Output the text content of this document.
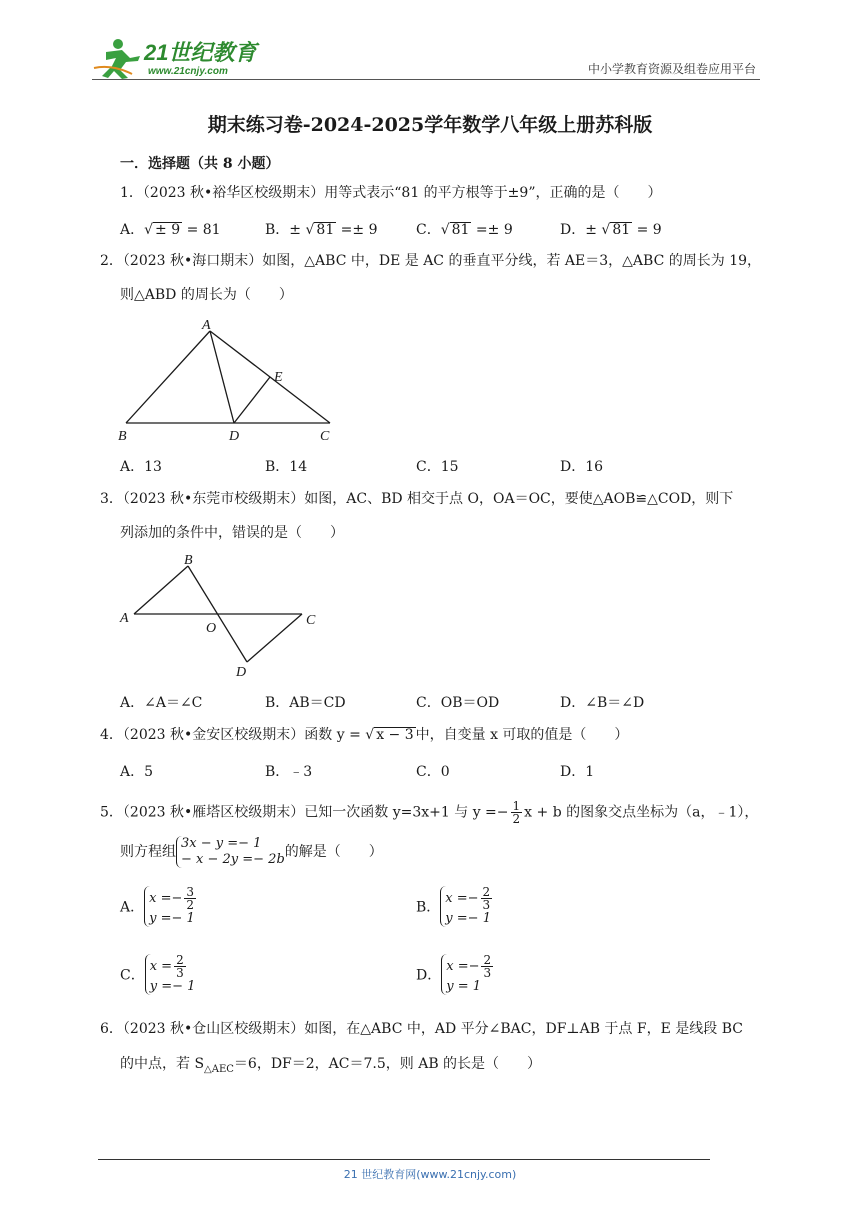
21世纪教育
www.21cnjy.com	中小学教育资源及组卷应用平台
期末练习卷-2024-2025学年数学八年级上册苏科版
一．选择题（共 8 小题）
1．（2023 秋•裕华区校级期末）用等式表示“81 的平方根等于±9”，正确的是（　　）
A．√ ± 9 = 81	B．± √ 81 =± 9	C．√ 81 =± 9	D．± √ 81 = 9
2．（2023 秋•海口期末）如图，△ABC 中，DE 是 AC 的垂直平分线，若 AE＝3，△ABC 的周长为 19，
则△ABD 的周长为（　　）
A
B	D	C
E
A．13	B．14	C．15	D．16
3．（2023 秋•东莞市校级期末）如图，AC、BD 相交于点 O，OA＝OC，要使△AOB≌△COD，则下
列添加的条件中，错误的是（　　）
A
B
C
D
O
A．∠A＝∠C	B．AB＝CD	C．OB＝OD	D．∠B＝∠D
4．（2023 秋•金安区校级期末）函数 y = √ x − 3 中，自变量 x 可取的值是（　　）
A．5	B．﹣3	C．0	D．1
5．（2023 秋•雁塔区校级期末）已知一次函数 y=3x+1 与 $y =- \frac{1}{2}$ x + b 的图象交点坐标为（a，﹣1），
则方程组
3x − y =− 1
− x − 2y =− 2b 的解是（　　）
A．
$x =- \frac{3}{2}$
y =− 1
B．
$x =- \frac{2}{3}$
y =− 1
C．
$x = \frac{2}{3}$
y =− 1
D．
$x =- \frac{2}{3}$
y = 1
6．（2023 秋•仓山区校级期末）如图，在△ABC 中，AD 平分∠BAC，DF⊥AB 于点 F，E 是线段 BC
的中点，若 $S_{\triangle AEC}=6$，DF＝2，AC＝7.5，则 AB 的长是（　　）
21 世纪教育网(www.21cnjy.com)
